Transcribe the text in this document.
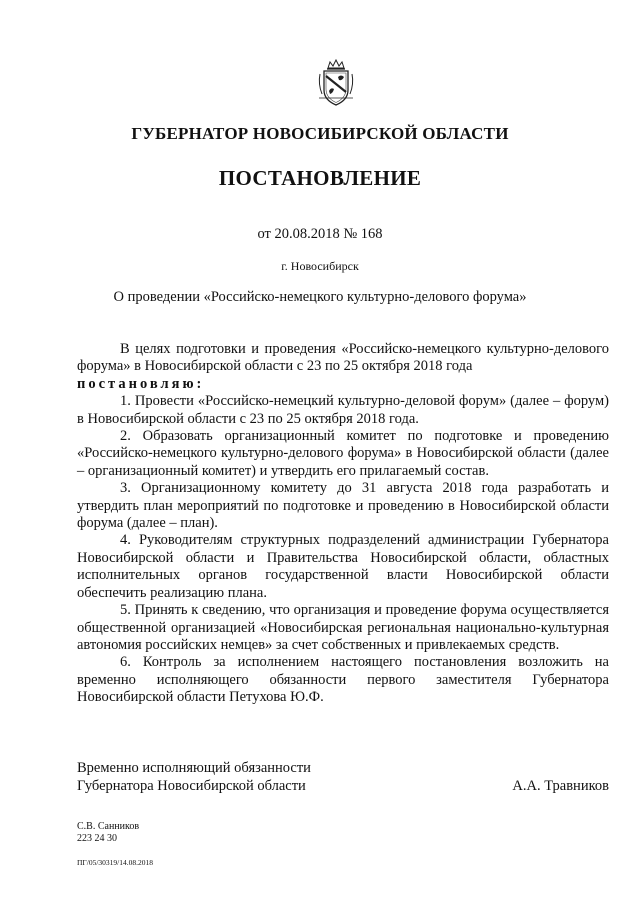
ГУБЕРНАТОР НОВОСИБИРСКОЙ ОБЛАСТИ
ПОСТАНОВЛЕНИЕ
от 20.08.2018 № 168
г. Новосибирск
О проведении «Российско-немецкого культурно-делового форума»

В целях подготовки и проведения «Российско-немецкого культурно-делового форума» в Новосибирской области с 23 по 25 октября 2018 года

постановляю:

1. Провести «Российско-немецкий культурно-деловой форум» (далее – форум) в Новосибирской области с 23 по 25 октября 2018 года.

2. Образовать организационный комитет по подготовке и проведению «Российско-немецкого культурно-делового форума» в Новосибирской области (далее – организационный комитет) и утвердить его прилагаемый состав.

3. Организационному комитету до 31 августа 2018 года разработать и утвердить план мероприятий по подготовке и проведению в Новосибирской области форума (далее – план).

4. Руководителям структурных подразделений администрации Губернатора Новосибирской области и Правительства Новосибирской области, областных исполнительных органов государственной власти Новосибирской области обеспечить реализацию плана.

5. Принять к сведению, что организация и проведение форума осуществляется общественной организацией «Новосибирская региональная национально-культурная автономия российских немцев» за счет собственных и привлекаемых средств.

6. Контроль за исполнением настоящего постановления возложить на временно исполняющего обязанности первого заместителя Губернатора Новосибирской области Петухова Ю.Ф.

Временно исполняющий обязанности
Губернатора Новосибирской области	А.А. Травников
С.В. Санников
223 24 30
ПГ/05/30319/14.08.2018
